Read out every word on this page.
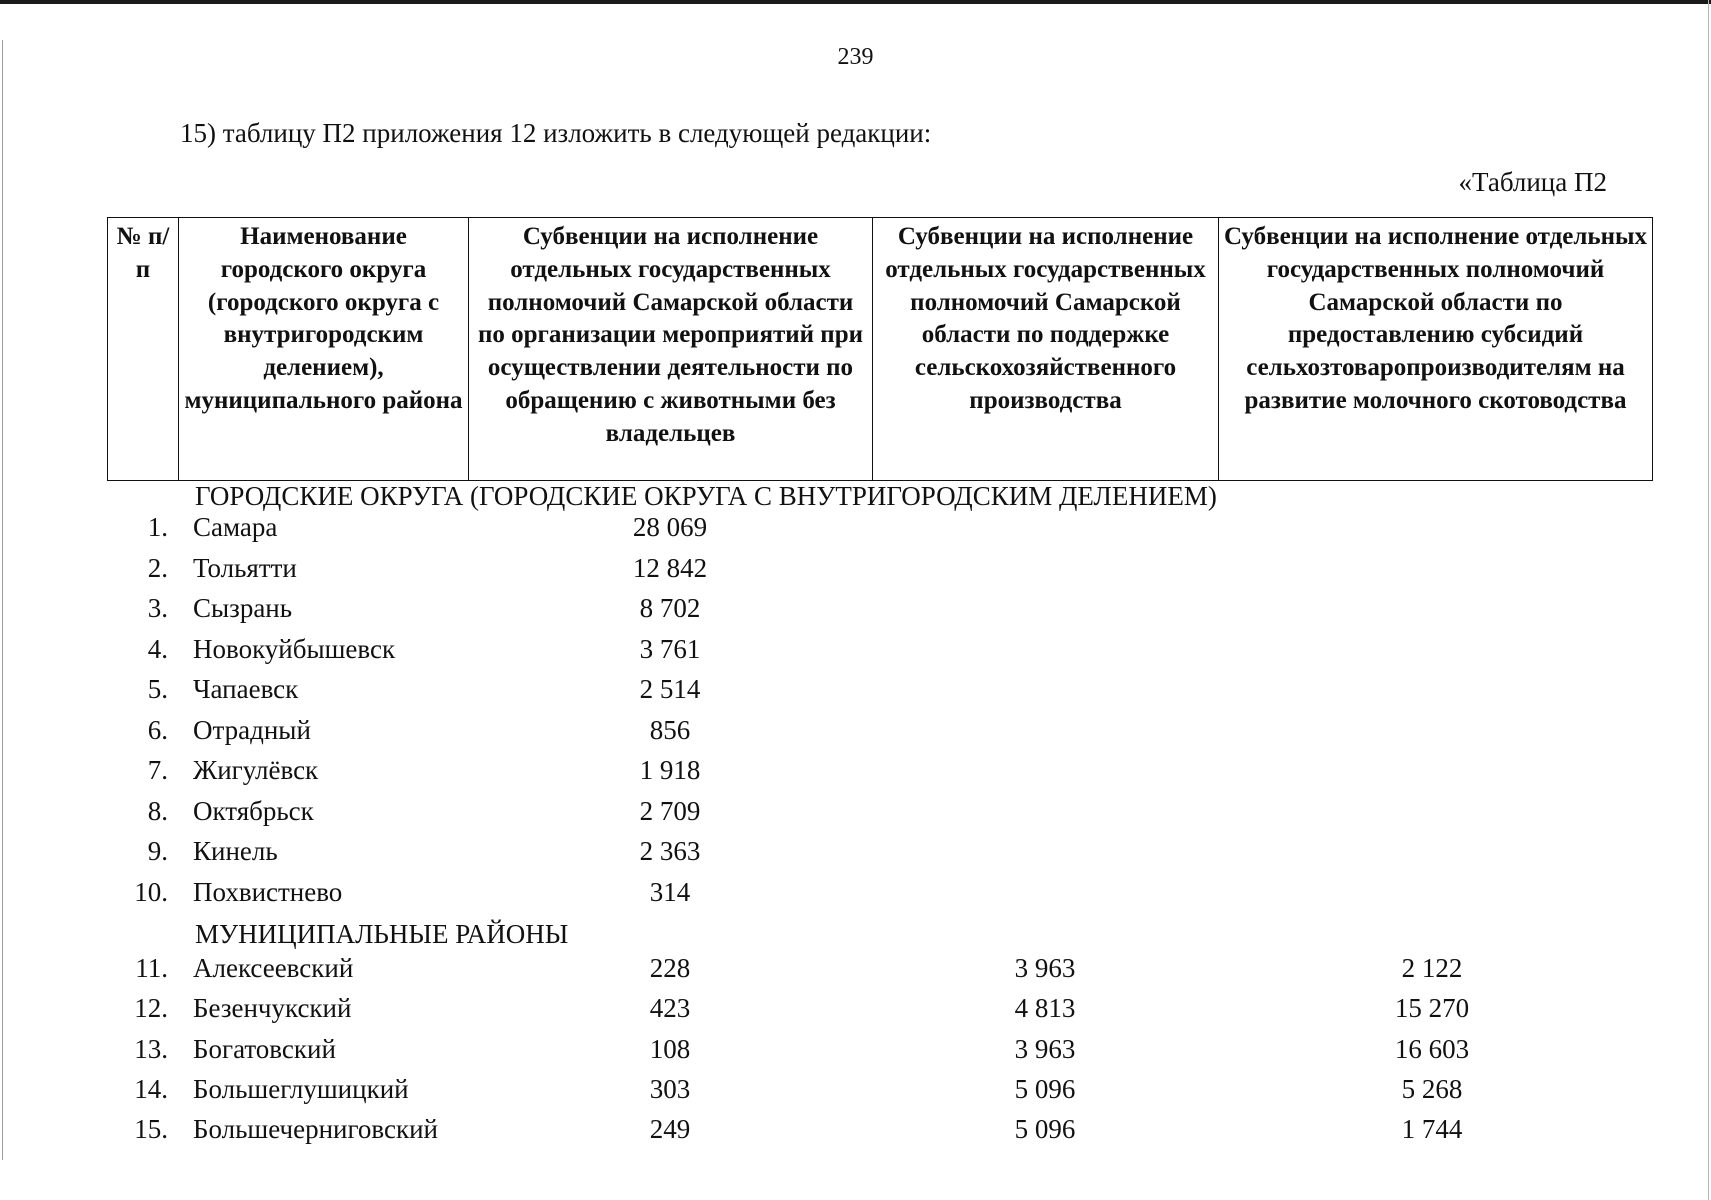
239
15) таблицу П2 приложения 12 изложить в следующей редакции:
«Таблица П2
№ п/п	Наименование городского округа (городского округа с внутригородским делением), муниципального района	Субвенции на исполнение отдельных государственных полномочий Самарской области по организации мероприятий при осуществлении деятельности по обращению с животными без владельцев	Субвенции на исполнение отдельных государственных полномочий Самарской области по поддержке сельскохозяйственного производства	Субвенции на исполнение отдельных государственных полномочий Самарской области по предоставлению субсидий сельхозтоваропроизводителям на развитие молочного скотоводства
ГОРОДСКИЕ ОКРУГА (ГОРОДСКИЕ ОКРУГА С ВНУТРИГОРОДСКИМ ДЕЛЕНИЕМ)
МУНИЦИПАЛЬНЫЕ РАЙОНЫ
1. Самара	28 069
2. Тольятти	12 842
3. Сызрань	8 702
4. Новокуйбышевск	3 761
5. Чапаевск	2 514
6. Отрадный	856
7. Жигулёвск	1 918
8. Октябрьск	2 709
9. Кинель	2 363
10. Похвистнево	314
11. Алексеевский	228	3 963	2 122
12. Безенчукский	423	4 813	15 270
13. Богатовский	108	3 963	16 603
14. Большеглушицкий	303	5 096	5 268
15. Большечерниговский	249	5 096	1 744
